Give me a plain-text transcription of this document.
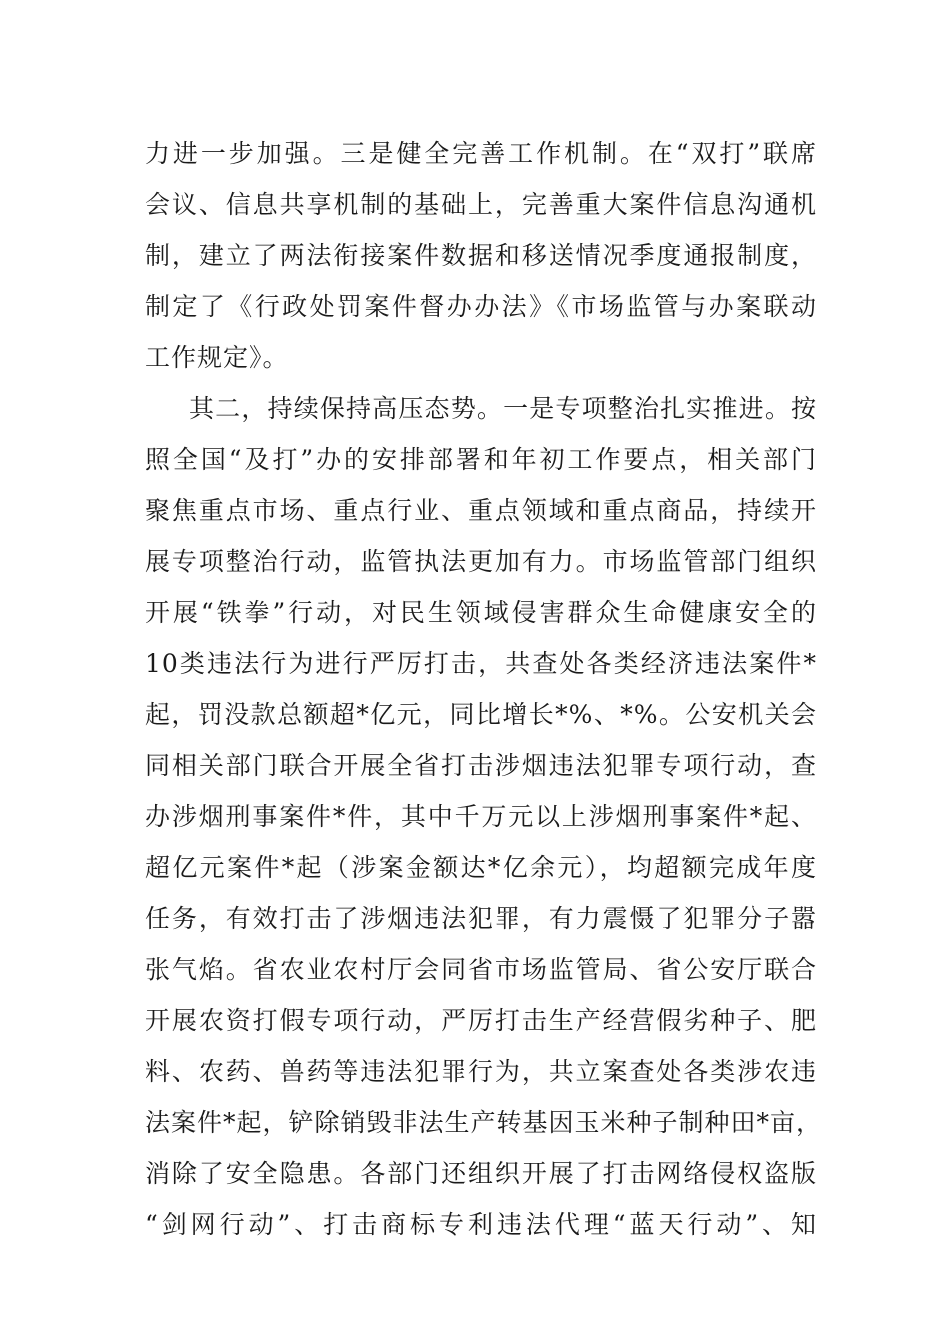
力进一步加强。三是健全完善工作机制。在“双打”联席
会议、信息共享机制的基础上，完善重大案件信息沟通机
制，建立了两法衔接案件数据和移送情况季度通报制度，
制定了《行政处罚案件督办办法》《市场监管与办案联动
工作规定》。
其二，持续保持高压态势。一是专项整治扎实推进。按
照全国“及打”办的安排部署和年初工作要点，相关部门
聚焦重点市场、重点行业、重点领域和重点商品，持续开
展专项整治行动，监管执法更加有力。市场监管部门组织
开展“铁拳”行动，对民生领域侵害群众生命健康安全的
10类违法行为进行严厉打击，共查处各类经济违法案件*
起，罚没款总额超*亿元，同比增长*%、*%。公安机关会
同相关部门联合开展全省打击涉烟违法犯罪专项行动，查
办涉烟刑事案件*件，其中千万元以上涉烟刑事案件*起、
超亿元案件*起（涉案金额达*亿余元），均超额完成年度
任务，有效打击了涉烟违法犯罪，有力震慑了犯罪分子嚣
张气焰。省农业农村厅会同省市场监管局、省公安厅联合
开展农资打假专项行动，严厉打击生产经营假劣种子、肥
料、农药、兽药等违法犯罪行为，共立案查处各类涉农违
法案件*起，铲除销毁非法生产转基因玉米种子制种田*亩，
消除了安全隐患。各部门还组织开展了打击网络侵权盗版
“剑网行动”、打击商标专利违法代理“蓝天行动”、知
